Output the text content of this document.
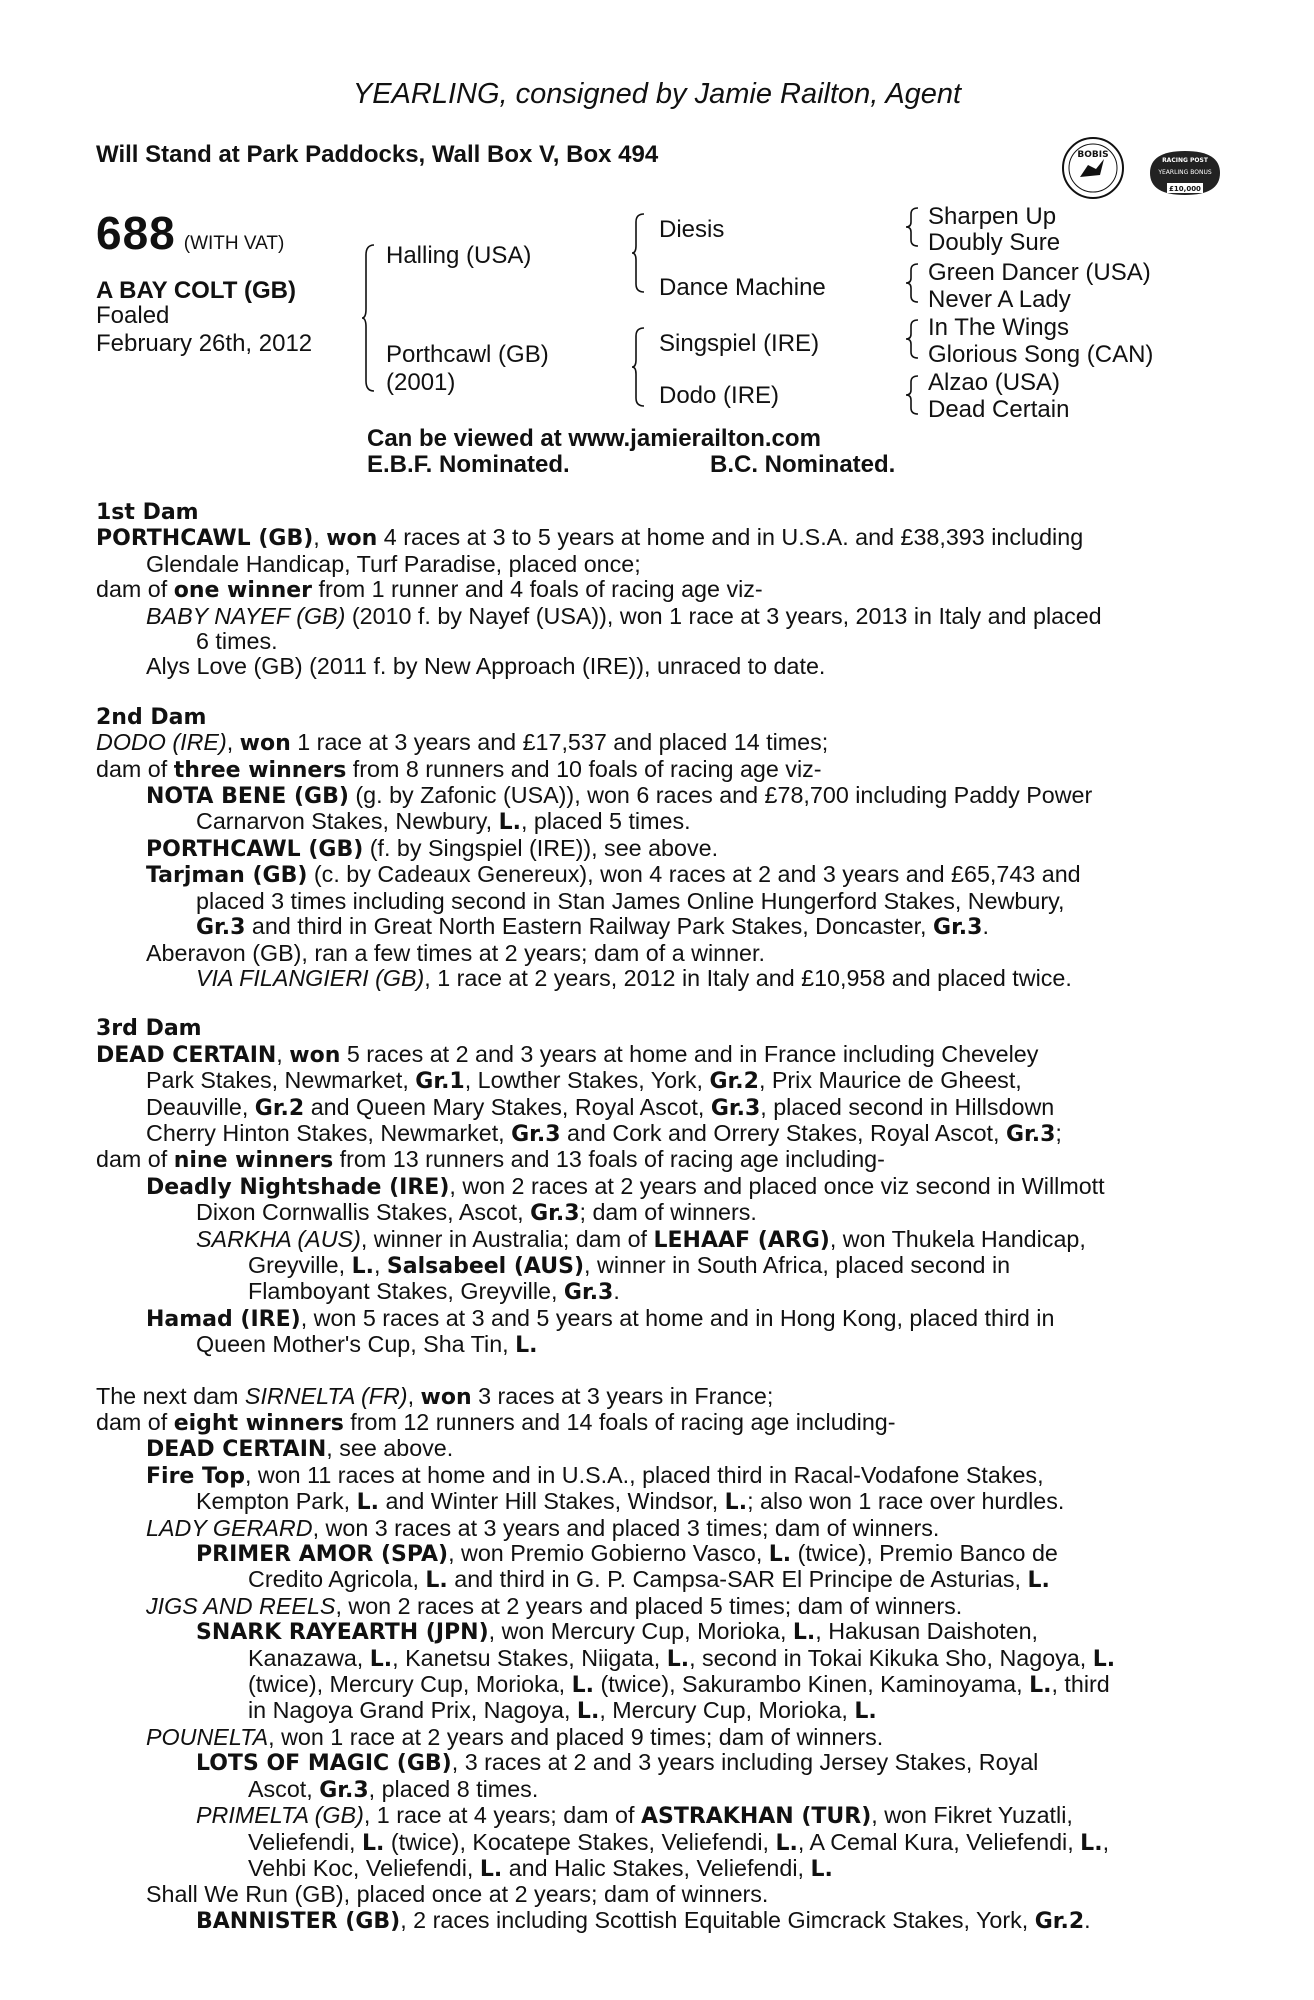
YEARLING, consigned by Jamie Railton, Agent
Will Stand at Park Paddocks, Wall Box V, Box 494	BOBIS
RACING POST
YEARLING BONUS
£10,000
688 (WITH VAT)
A BAY COLT (GB)
Foaled
February 26th, 2012
Halling (USA)
Porthcawl (GB)
(2001)
Diesis
Dance Machine
Singspiel (IRE)
Dodo (IRE)
Sharpen Up
Doubly Sure
Green Dancer (USA)
Never A Lady
In The Wings
Glorious Song (CAN)
Alzao (USA)
Dead Certain
Can be viewed at www.jamierailton.com
E.B.F. Nominated.	B.C. Nominated.

1st Dam

PORTHCAWL (GB), won 4 races at 3 to 5 years at home and in U.S.A. and £38,393 including

Glendale Handicap, Turf Paradise, placed once;

dam of one winner from 1 runner and 4 foals of racing age viz-

BABY NAYEF (GB) (2010 f. by Nayef (USA)), won 1 race at 3 years, 2013 in Italy and placed

6 times.

Alys Love (GB) (2011 f. by New Approach (IRE)), unraced to date.

2nd Dam

DODO (IRE), won 1 race at 3 years and £17,537 and placed 14 times;

dam of three winners from 8 runners and 10 foals of racing age viz-

NOTA BENE (GB) (g. by Zafonic (USA)), won 6 races and £78,700 including Paddy Power

Carnarvon Stakes, Newbury, L., placed 5 times.

PORTHCAWL (GB) (f. by Singspiel (IRE)), see above.

Tarjman (GB) (c. by Cadeaux Genereux), won 4 races at 2 and 3 years and £65,743 and

placed 3 times including second in Stan James Online Hungerford Stakes, Newbury,

Gr.3 and third in Great North Eastern Railway Park Stakes, Doncaster, Gr.3.

Aberavon (GB), ran a few times at 2 years; dam of a winner.

VIA FILANGIERI (GB), 1 race at 2 years, 2012 in Italy and £10,958 and placed twice.

3rd Dam

DEAD CERTAIN, won 5 races at 2 and 3 years at home and in France including Cheveley

Park Stakes, Newmarket, Gr.1, Lowther Stakes, York, Gr.2, Prix Maurice de Gheest,

Deauville, Gr.2 and Queen Mary Stakes, Royal Ascot, Gr.3, placed second in Hillsdown

Cherry Hinton Stakes, Newmarket, Gr.3 and Cork and Orrery Stakes, Royal Ascot, Gr.3;

dam of nine winners from 13 runners and 13 foals of racing age including-

Deadly Nightshade (IRE), won 2 races at 2 years and placed once viz second in Willmott

Dixon Cornwallis Stakes, Ascot, Gr.3; dam of winners.

SARKHA (AUS), winner in Australia; dam of LEHAAF (ARG), won Thukela Handicap,

Greyville, L., Salsabeel (AUS), winner in South Africa, placed second in

Flamboyant Stakes, Greyville, Gr.3.

Hamad (IRE), won 5 races at 3 and 5 years at home and in Hong Kong, placed third in

Queen Mother's Cup, Sha Tin, L.

The next dam SIRNELTA (FR), won 3 races at 3 years in France;

dam of eight winners from 12 runners and 14 foals of racing age including-

DEAD CERTAIN, see above.

Fire Top, won 11 races at home and in U.S.A., placed third in Racal-Vodafone Stakes,

Kempton Park, L. and Winter Hill Stakes, Windsor, L.; also won 1 race over hurdles.

LADY GERARD, won 3 races at 3 years and placed 3 times; dam of winners.

PRIMER AMOR (SPA), won Premio Gobierno Vasco, L. (twice), Premio Banco de

Credito Agricola, L. and third in G. P. Campsa-SAR El Principe de Asturias, L.

JIGS AND REELS, won 2 races at 2 years and placed 5 times; dam of winners.

SNARK RAYEARTH (JPN), won Mercury Cup, Morioka, L., Hakusan Daishoten,

Kanazawa, L., Kanetsu Stakes, Niigata, L., second in Tokai Kikuka Sho, Nagoya, L.

(twice), Mercury Cup, Morioka, L. (twice), Sakurambo Kinen, Kaminoyama, L., third

in Nagoya Grand Prix, Nagoya, L., Mercury Cup, Morioka, L.

POUNELTA, won 1 race at 2 years and placed 9 times; dam of winners.

LOTS OF MAGIC (GB), 3 races at 2 and 3 years including Jersey Stakes, Royal

Ascot, Gr.3, placed 8 times.

PRIMELTA (GB), 1 race at 4 years; dam of ASTRAKHAN (TUR), won Fikret Yuzatli,

Veliefendi, L. (twice), Kocatepe Stakes, Veliefendi, L., A Cemal Kura, Veliefendi, L.,

Vehbi Koc, Veliefendi, L. and Halic Stakes, Veliefendi, L.

Shall We Run (GB), placed once at 2 years; dam of winners.

BANNISTER (GB), 2 races including Scottish Equitable Gimcrack Stakes, York, Gr.2.
